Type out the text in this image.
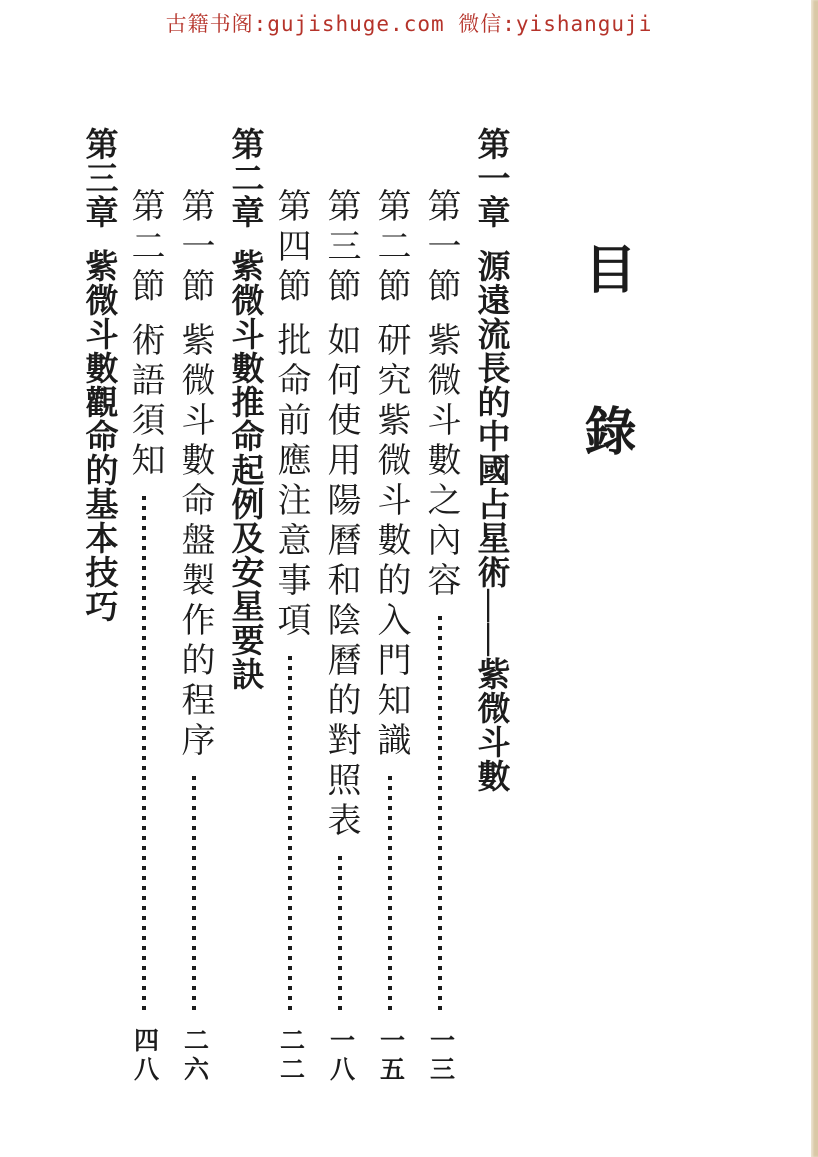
古籍书阁:gujishuge.com 微信:yishanguji
目錄
第一章
源遠流長的中國占星術——紫微斗數
第一節
紫微斗數之內容
一三
第二節
研究紫微斗數的入門知識
一五
第三節
如何使用陽曆和陰曆的對照表
一八
第四節
批命前應注意事項
二二
第二章
紫微斗數推命起例及安星要訣
第一節
紫微斗數命盤製作的程序
二六
第二節
術語須知
四八
第三章
紫微斗數觀命的基本技巧
